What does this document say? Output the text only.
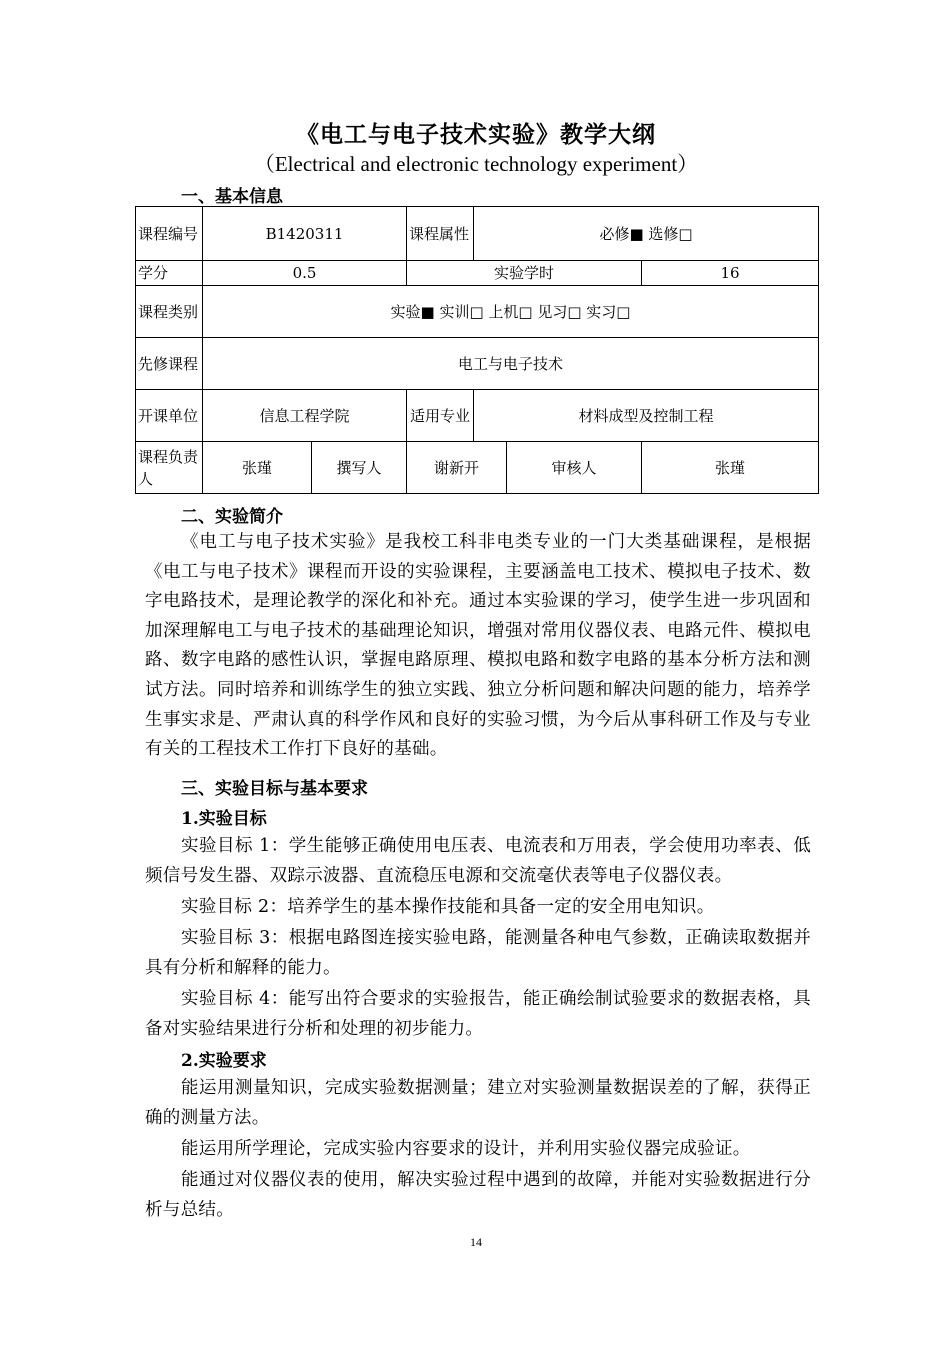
《电工与电子技术实验》教学大纲
（Electrical and electronic technology experiment）
一、基本信息
课程编号	B1420311		课程属性	必修■ 选修□		
学分	0.5		实验学时			16
课程类别	实验■ 实训□ 上机□ 见习□ 实习□					
先修课程	电工与电子技术					
开课单位	信息工程学院		适用专业	材料成型及控制工程		
课程负责人	张瑾	撰写人	谢新开		审核人	张瑾
二、实验简介
《电工与电子技术实验》是我校工科非电类专业的一门大类基础课程，是根据《电工与电子技术》课程而开设的实验课程，主要涵盖电工技术、模拟电子技术、数字电路技术，是理论教学的深化和补充。通过本实验课的学习，使学生进一步巩固和加深理解电工与电子技术的基础理论知识，增强对常用仪器仪表、电路元件、模拟电路、数字电路的感性认识，掌握电路原理、模拟电路和数字电路的基本分析方法和测试方法。同时培养和训练学生的独立实践、独立分析问题和解决问题的能力，培养学生事实求是、严肃认真的科学作风和良好的实验习惯，为今后从事科研工作及与专业有关的工程技术工作打下良好的基础。
三、实验目标与基本要求
1.实验目标
实验目标 1：学生能够正确使用电压表、电流表和万用表，学会使用功率表、低频信号发生器、双踪示波器、直流稳压电源和交流毫伏表等电子仪器仪表。
实验目标 2：培养学生的基本操作技能和具备一定的安全用电知识。
实验目标 3：根据电路图连接实验电路，能测量各种电气参数，正确读取数据并具有分析和解释的能力。
实验目标 4：能写出符合要求的实验报告，能正确绘制试验要求的数据表格，具备对实验结果进行分析和处理的初步能力。
2.实验要求
能运用测量知识，完成实验数据测量；建立对实验测量数据误差的了解，获得正确的测量方法。
能运用所学理论，完成实验内容要求的设计，并利用实验仪器完成验证。
能通过对仪器仪表的使用，解决实验过程中遇到的故障，并能对实验数据进行分析与总结。
14
